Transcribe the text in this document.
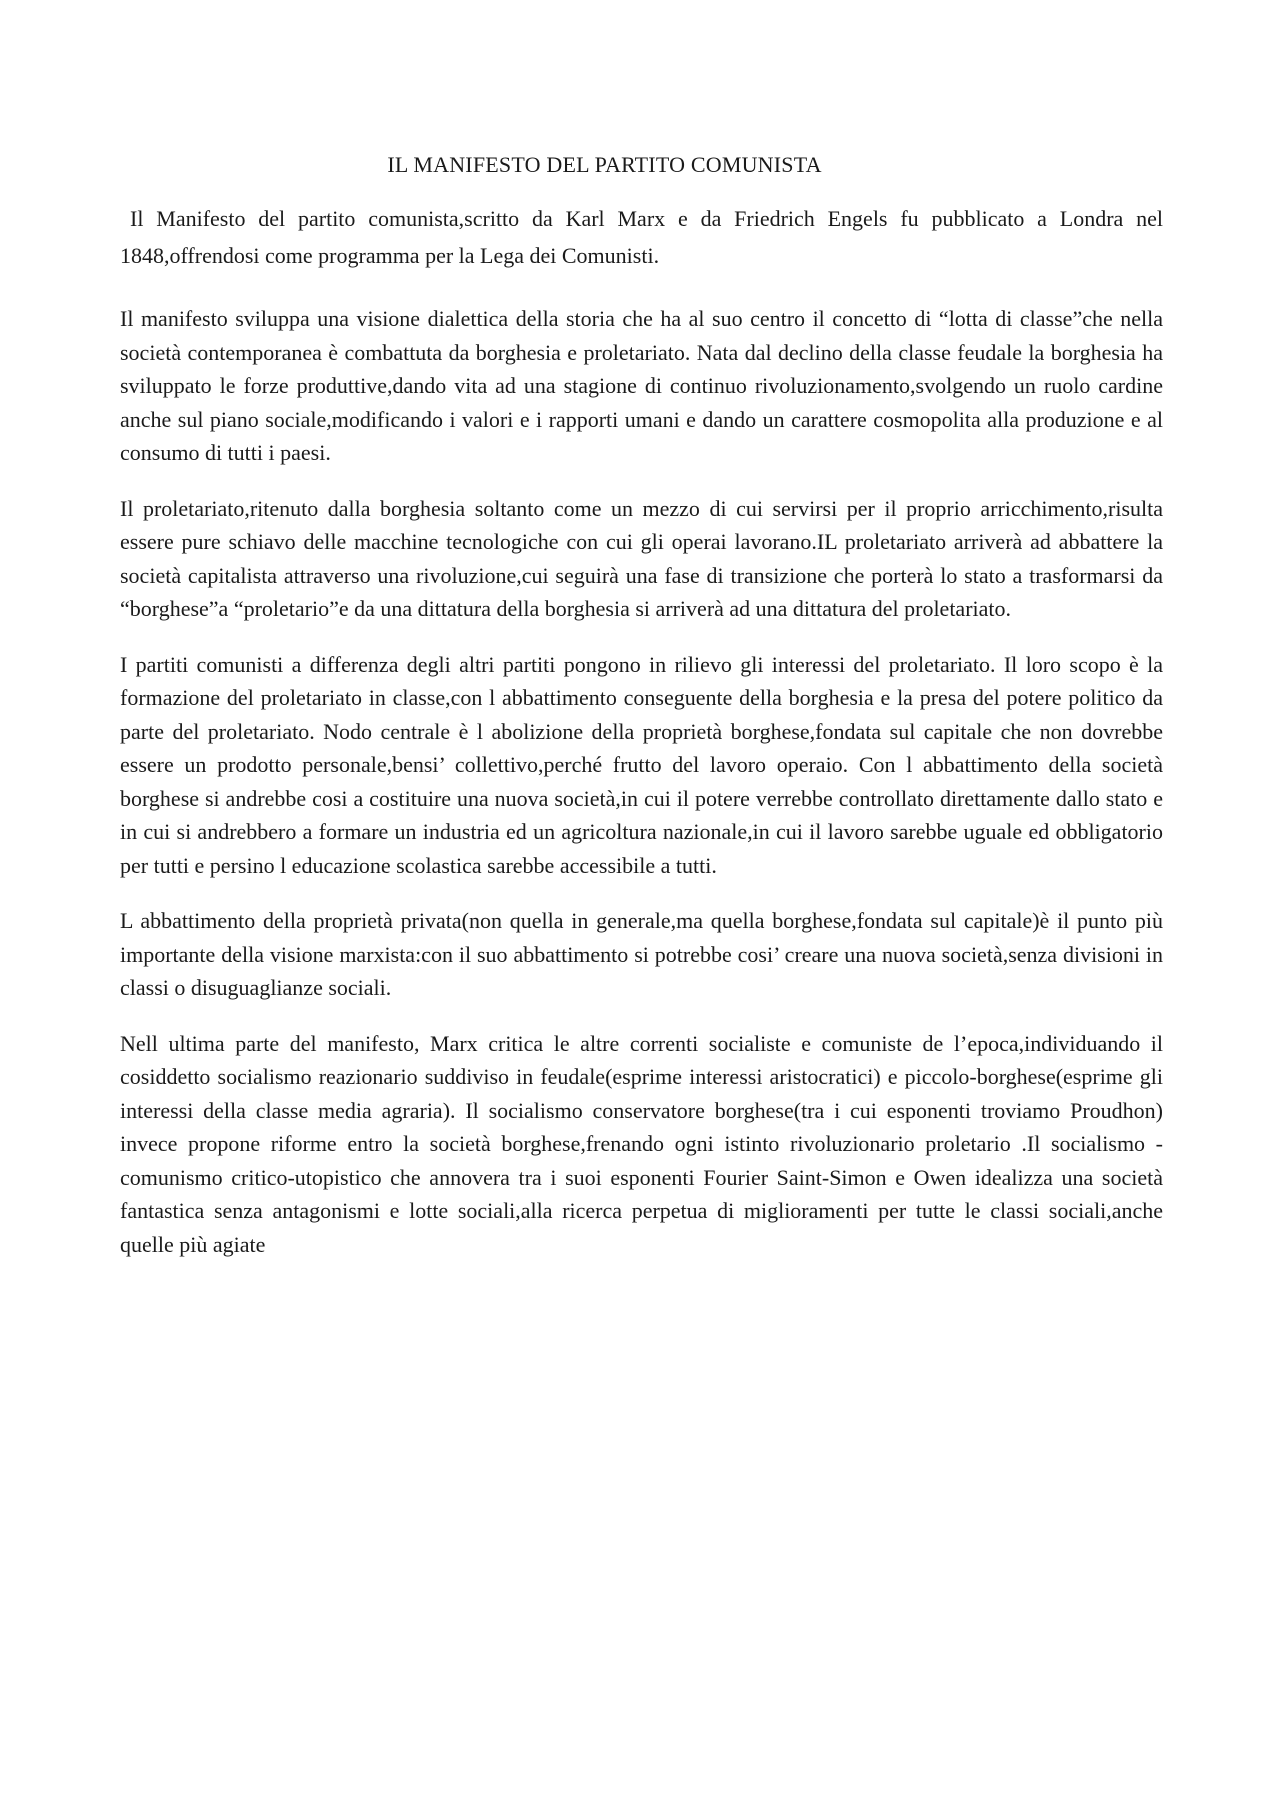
IL MANIFESTO DEL PARTITO COMUNISTA

Il Manifesto del partito comunista,scritto da Karl Marx e da Friedrich Engels fu pubblicato a Londra nel 1848,offrendosi come programma per la Lega dei Comunisti.

Il manifesto sviluppa una visione dialettica della storia che ha al suo centro il concetto di “lotta di classe”che nella società contemporanea è combattuta da borghesia e proletariato. Nata dal declino della classe feudale la borghesia ha sviluppato le forze produttive,dando vita ad una stagione di continuo rivoluzionamento,svolgendo un ruolo cardine anche sul piano sociale,modificando i valori e i rapporti umani e dando un carattere cosmopolita alla produzione e al consumo di tutti i paesi.

Il proletariato,ritenuto dalla borghesia soltanto come un mezzo di cui servirsi per il proprio arricchimento,risulta essere pure schiavo delle macchine tecnologiche con cui gli operai lavorano.IL proletariato arriverà ad abbattere la società capitalista attraverso una rivoluzione,cui seguirà una fase di transizione che porterà lo stato a trasformarsi da “borghese”a “proletario”e da una dittatura della borghesia si arriverà ad una dittatura del proletariato.

I partiti comunisti a differenza degli altri partiti pongono in rilievo gli interessi del proletariato. Il loro scopo è la formazione del proletariato in classe,con l abbattimento conseguente della borghesia e la presa del potere politico da parte del proletariato. Nodo centrale è l abolizione della proprietà borghese,fondata sul capitale che non dovrebbe essere un prodotto personale,bensi’ collettivo,perché frutto del lavoro operaio. Con l abbattimento della società borghese si andrebbe cosi a costituire una nuova società,in cui il potere verrebbe controllato direttamente dallo stato e in cui si andrebbero a formare un industria ed un agricoltura nazionale,in cui il lavoro sarebbe uguale ed obbligatorio per tutti e persino l educazione scolastica sarebbe accessibile a tutti.

L abbattimento della proprietà privata(non quella in generale,ma quella borghese,fondata sul capitale)è il punto più importante della visione marxista:con il suo abbattimento si potrebbe cosi’ creare una nuova società,senza divisioni in classi o disuguaglianze sociali.

Nell ultima parte del manifesto, Marx critica le altre correnti socialiste e comuniste de l’epoca,individuando il cosiddetto socialismo reazionario suddiviso in feudale(esprime interessi aristocratici) e piccolo-borghese(esprime gli interessi della classe media agraria). Il socialismo conservatore borghese(tra i cui esponenti troviamo Proudhon) invece propone riforme entro la società borghese,frenando ogni istinto rivoluzionario proletario .Il socialismo -comunismo critico-utopistico che annovera tra i suoi esponenti Fourier Saint-Simon e Owen idealizza una società fantastica senza antagonismi e lotte sociali,alla ricerca perpetua di miglioramenti per tutte le classi sociali,anche quelle più agiate
